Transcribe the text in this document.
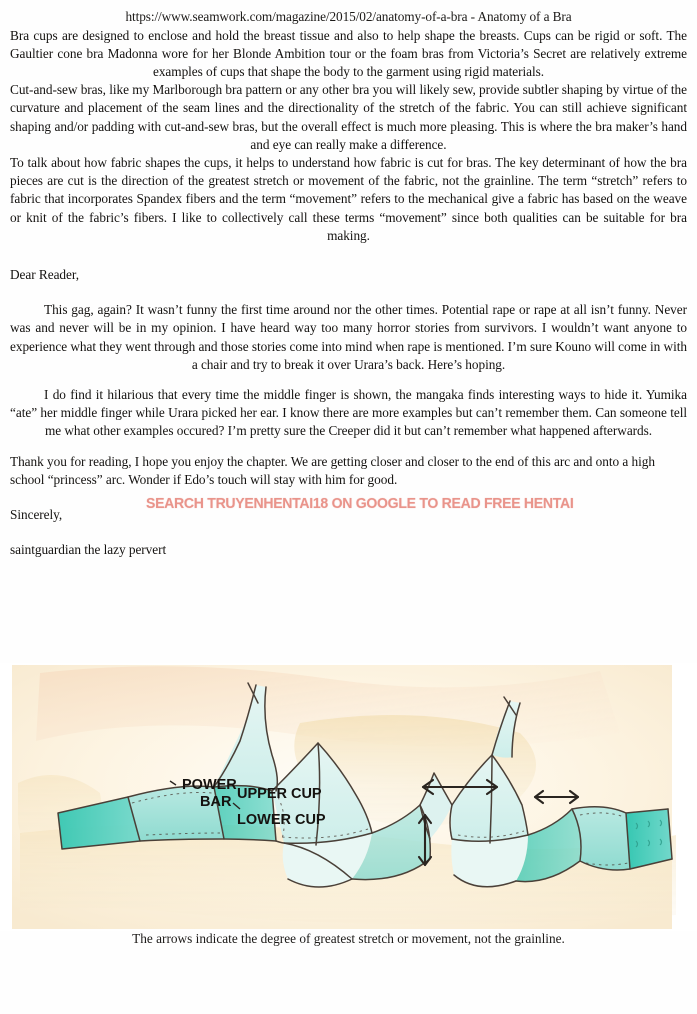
https://www.seamwork.com/magazine/2015/02/anatomy-of-a-bra - Anatomy of a Bra

Bra cups are designed to enclose and hold the breast tissue and also to help shape the breasts. Cups can be rigid or soft. The Gaultier cone bra Madonna wore for her Blonde Ambition tour or the foam bras from Victoria’s Secret are relatively extreme examples of cups that shape the body to the garment using rigid materials.

Cut-and-sew bras, like my Marlborough bra pattern or any other bra you will likely sew, provide subtler shaping by virtue of the curvature and placement of the seam lines and the directionality of the stretch of the fabric. You can still achieve significant shaping and/or padding with cut-and-sew bras, but the overall effect is much more pleasing. This is where the bra maker’s hand and eye can really make a difference.

To talk about how fabric shapes the cups, it helps to understand how fabric is cut for bras. The key determinant of how the bra pieces are cut is the direction of the greatest stretch or movement of the fabric, not the grainline. The term “stretch” refers to fabric that incorporates Spandex fibers and the term “movement” refers to the mechanical give a fabric has based on the weave or knit of the fabric’s fibers. I like to collectively call these terms “movement” since both qualities can be suitable for bra making.

Dear Reader,

This gag, again? It wasn’t funny the first time around nor the other times. Potential rape or rape at all isn’t funny. Never was and never will be in my opinion. I have heard way too many horror stories from survivors. I wouldn’t want anyone to experience what they went through and those stories come into mind when rape is mentioned. I’m sure Kouno will come in with a chair and try to break it over Urara’s back. Here’s hoping.

I do find it hilarious that every time the middle finger is shown, the mangaka finds interesting ways to hide it. Yumika “ate” her middle finger while Urara picked her ear. I know there are more examples but can’t remember them. Can someone tell me what other examples occured? I’m pretty sure the Creeper did it but can’t remember what happened afterwards.

Thank you for reading, I hope you enjoy the chapter. We are getting closer and closer to the end of this arc and onto a high school “princess” arc. Wonder if Edo’s touch will stay with him for good.

Sincerely,

saintguardian the lazy pervert

SEARCH TRUYENHENTAI18 ON GOOGLE TO READ FREE HENTAI
POWER
BAR UPPER CUP
LOWER CUP
The arrows indicate the degree of greatest stretch or movement, not the grainline.
